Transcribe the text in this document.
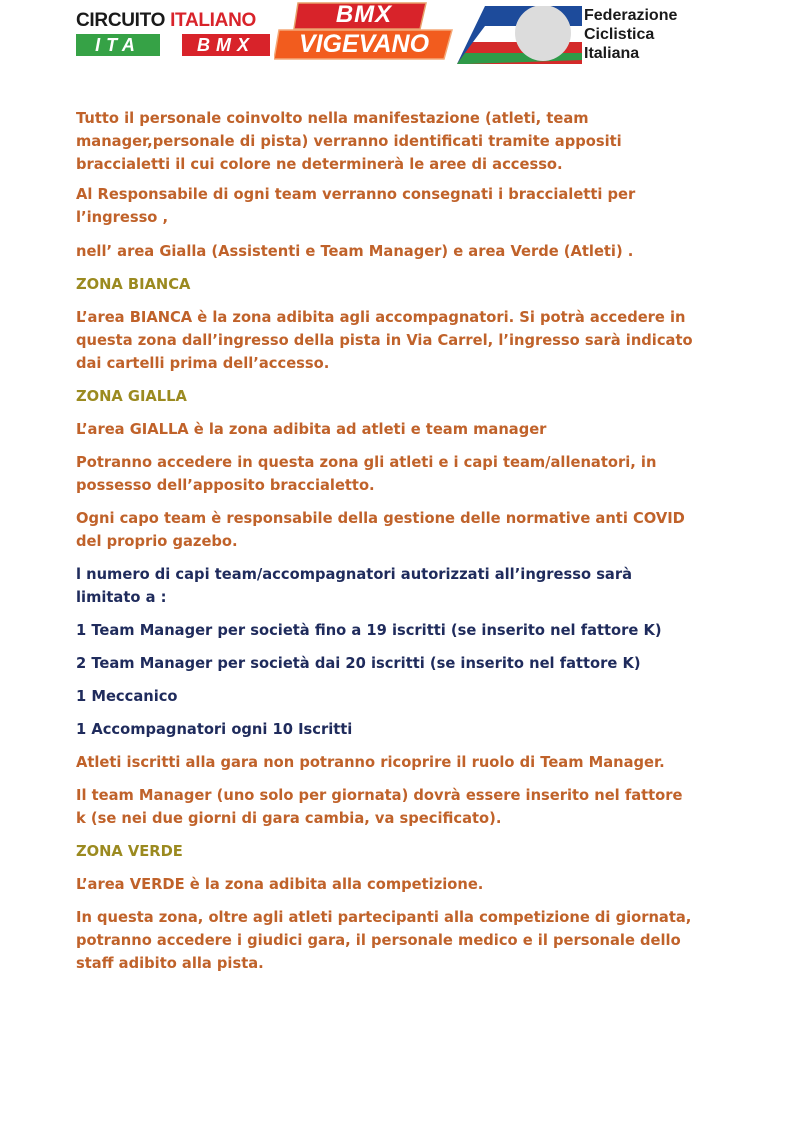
CIRCUITO ITALIANO
ITA	BMX
BMX
VIGEVANO
Federazione
Ciclistica
Italiana

Tutto il personale coinvolto nella manifestazione (atleti, team manager,personale di pista) verranno identificati tramite appositi braccialetti il cui colore ne determinerà le aree di accesso.

Al Responsabile di ogni team verranno consegnati i braccialetti per l’ingresso ,

nell’ area Gialla (Assistenti e Team Manager) e area Verde (Atleti) .

ZONA BIANCA

L’area BIANCA è la zona adibita agli accompagnatori. Si potrà accedere in questa zona dall’ingresso della pista in Via Carrel, l’ingresso sarà indicato dai cartelli prima dell’accesso.

ZONA GIALLA

L’area GIALLA è la zona adibita ad atleti e team manager

Potranno accedere in questa zona gli atleti e i capi team/allenatori, in possesso dell’apposito braccialetto.

Ogni capo team è responsabile della gestione delle normative anti COVID del proprio gazebo.

l numero di capi team/accompagnatori autorizzati all’ingresso sarà limitato a :

1 Team Manager per società fino a 19 iscritti (se inserito nel fattore K)

2 Team Manager per società dai 20 iscritti (se inserito nel fattore K)

1 Meccanico

1 Accompagnatori ogni 10 Iscritti

Atleti iscritti alla gara non potranno ricoprire il ruolo di Team Manager.

Il team Manager (uno solo per giornata) dovrà essere inserito nel fattore k (se nei due giorni di gara cambia, va specificato).

ZONA VERDE

L’area VERDE è la zona adibita alla competizione.

In questa zona, oltre agli atleti partecipanti alla competizione di giornata, potranno accedere i giudici gara, il personale medico e il personale dello staff adibito alla pista.
